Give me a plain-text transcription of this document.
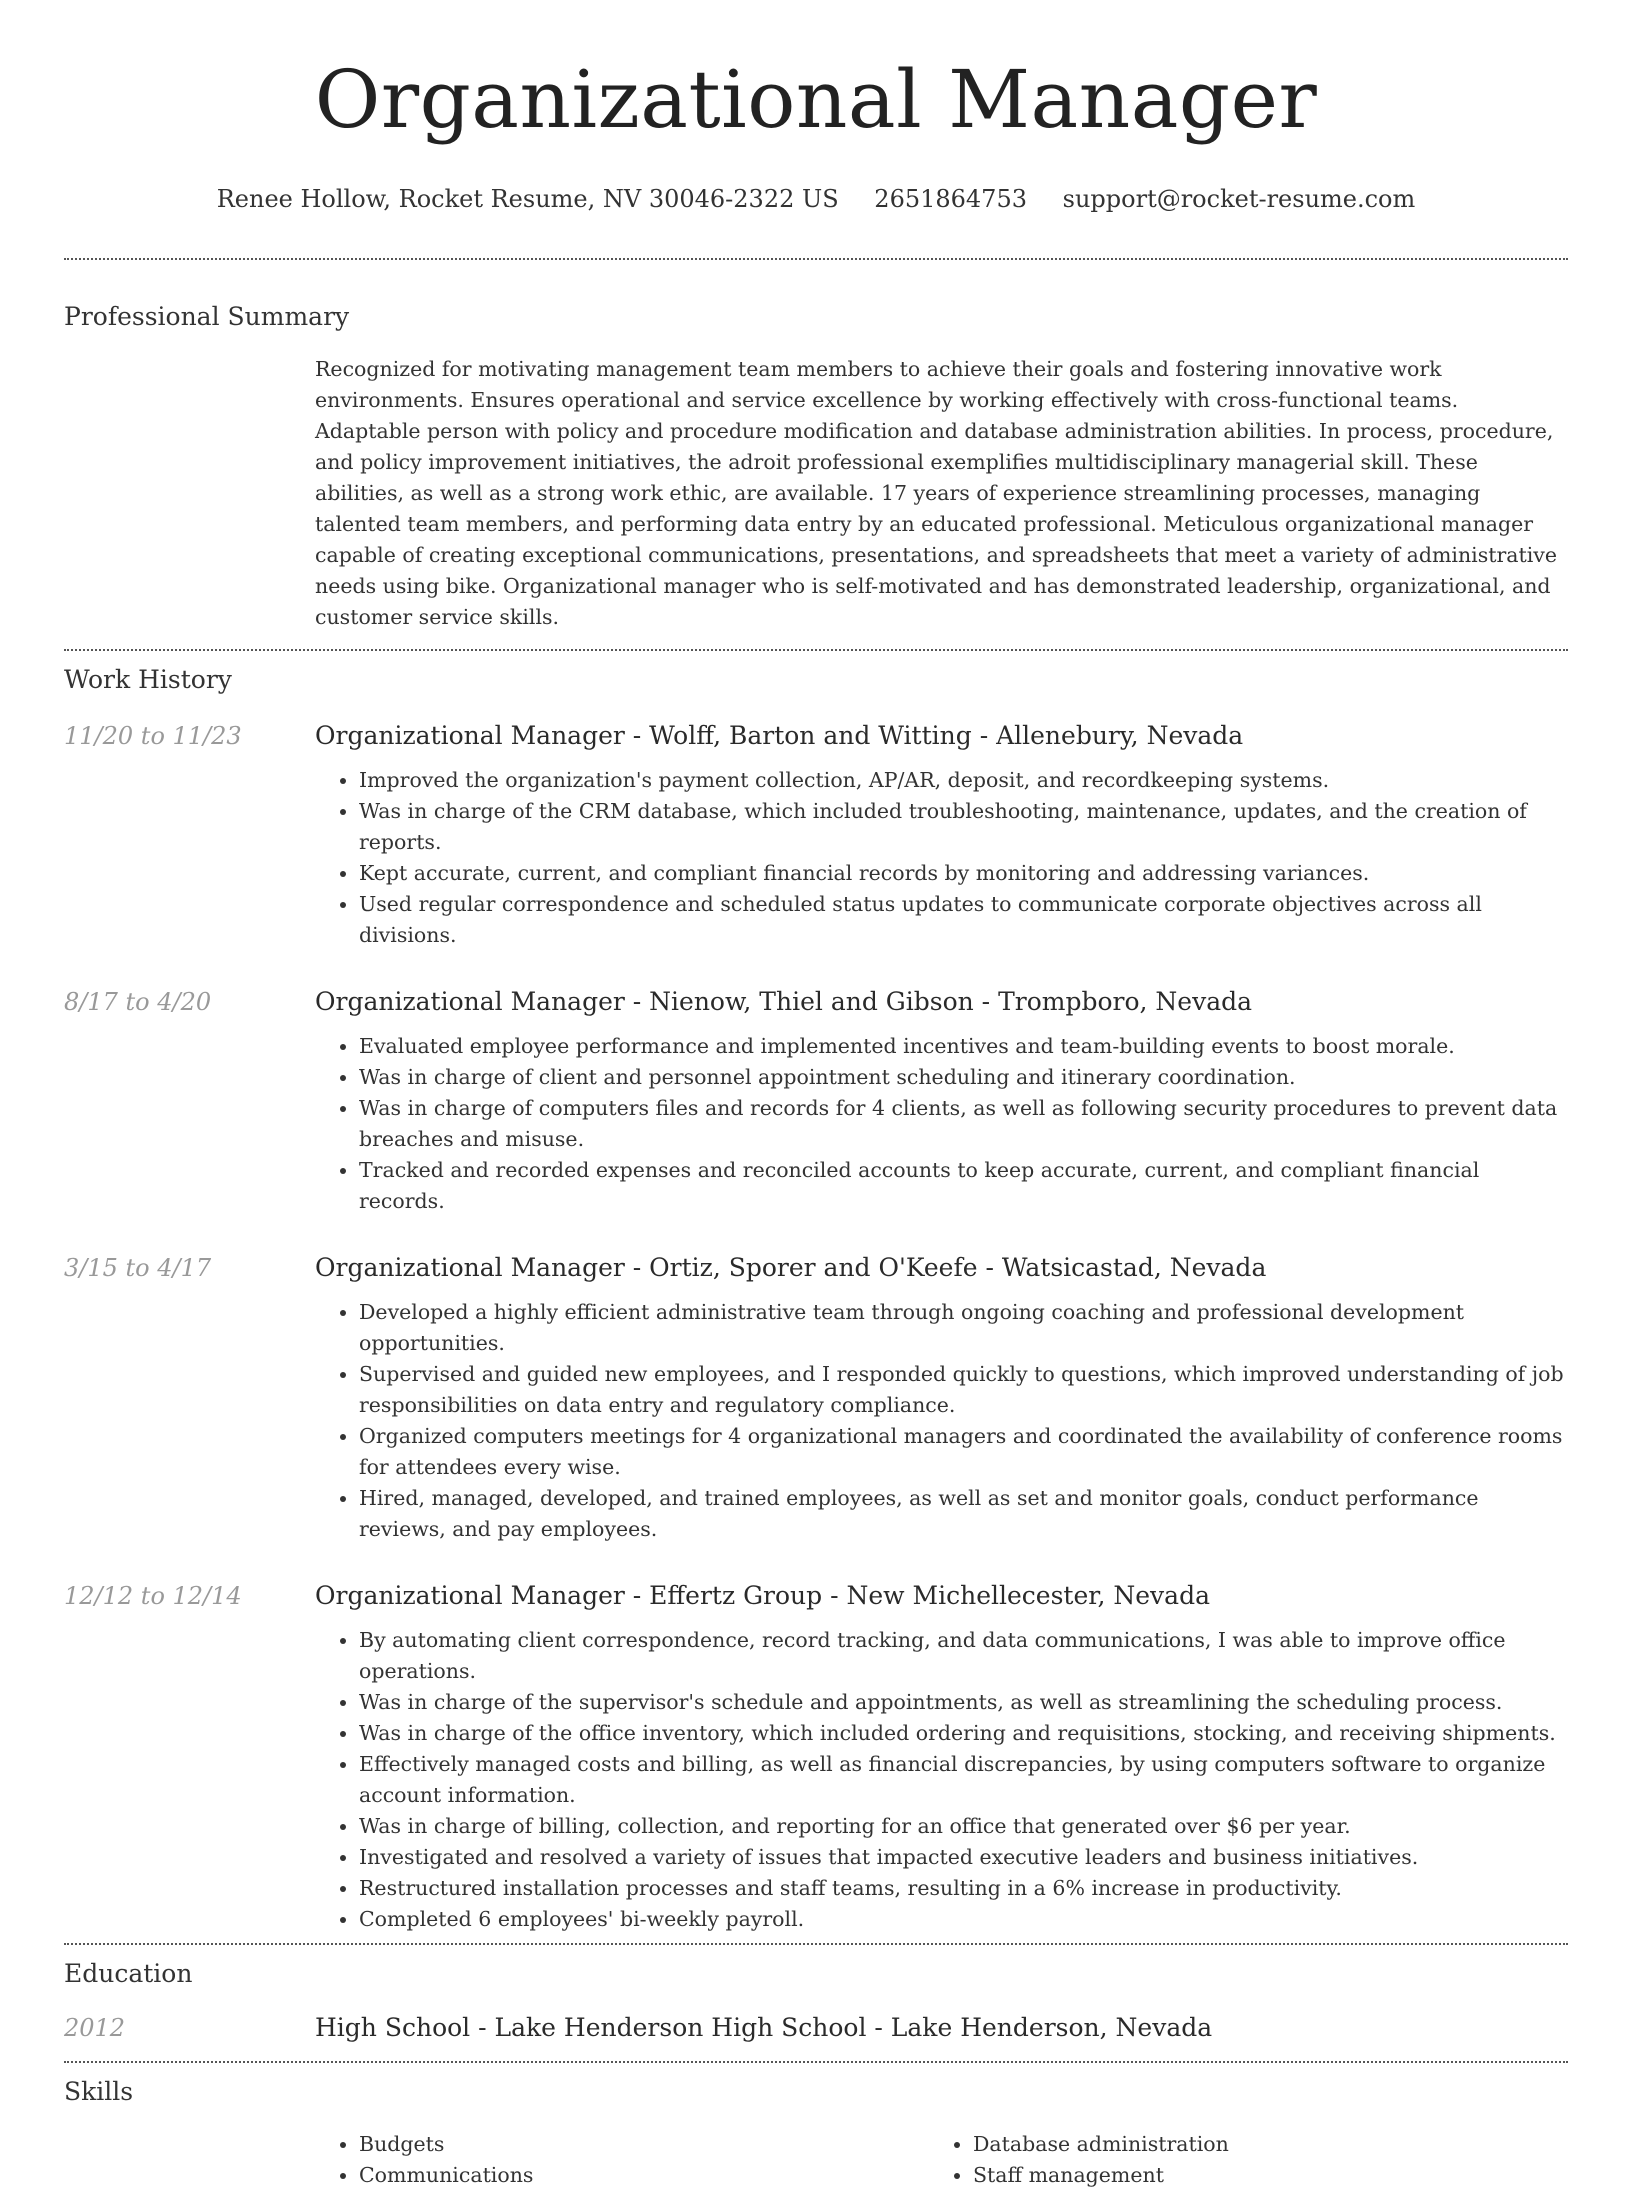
Organizational Manager
Renee Hollow, Rocket Resume, NV 30046-2322 US 2651864753 support@rocket-resume.com
Professional Summary
Recognized for motivating management team members to achieve their goals and fostering innovative work environments. Ensures operational and service excellence by working effectively with cross-functional teams. Adaptable person with policy and procedure modification and database administration abilities. In process, procedure, and policy improvement initiatives, the adroit professional exemplifies multidisciplinary managerial skill. These abilities, as well as a strong work ethic, are available. 17 years of experience streamlining processes, managing talented team members, and performing data entry by an educated professional. Meticulous organizational manager capable of creating exceptional communications, presentations, and spreadsheets that meet a variety of administrative needs using bike. Organizational manager who is self-motivated and has demonstrated leadership, organizational, and customer service skills.
Work History
11/20 to 11/23	Organizational Manager - Wolff, Barton and Witting - Allenebury, Nevada
• Improved the organization's payment collection, AP/AR, deposit, and recordkeeping systems.
• Was in charge of the CRM database, which included troubleshooting, maintenance, updates, and the creation of reports.
• Kept accurate, current, and compliant financial records by monitoring and addressing variances.
• Used regular correspondence and scheduled status updates to communicate corporate objectives across all divisions.
8/17 to 4/20	Organizational Manager - Nienow, Thiel and Gibson - Trompboro, Nevada
• Evaluated employee performance and implemented incentives and team-building events to boost morale.
• Was in charge of client and personnel appointment scheduling and itinerary coordination.
• Was in charge of computers files and records for 4 clients, as well as following security procedures to prevent data breaches and misuse.
• Tracked and recorded expenses and reconciled accounts to keep accurate, current, and compliant financial records.
3/15 to 4/17	Organizational Manager - Ortiz, Sporer and O'Keefe - Watsicastad, Nevada
• Developed a highly efficient administrative team through ongoing coaching and professional development opportunities.
• Supervised and guided new employees, and I responded quickly to questions, which improved understanding of job responsibilities on data entry and regulatory compliance.
• Organized computers meetings for 4 organizational managers and coordinated the availability of conference rooms for attendees every wise.
• Hired, managed, developed, and trained employees, as well as set and monitor goals, conduct performance reviews, and pay employees.
12/12 to 12/14	Organizational Manager - Effertz Group - New Michellecester, Nevada
• By automating client correspondence, record tracking, and data communications, I was able to improve office operations.
• Was in charge of the supervisor's schedule and appointments, as well as streamlining the scheduling process.
• Was in charge of the office inventory, which included ordering and requisitions, stocking, and receiving shipments.
• Effectively managed costs and billing, as well as financial discrepancies, by using computers software to organize account information.
• Was in charge of billing, collection, and reporting for an office that generated over $6 per year.
• Investigated and resolved a variety of issues that impacted executive leaders and business initiatives.
• Restructured installation processes and staff teams, resulting in a 6% increase in productivity.
• Completed 6 employees' bi-weekly payroll.
Education
2012	High School - Lake Henderson High School - Lake Henderson, Nevada
Skills
• Budgets
• Communications
• Database administration
• Staff management
